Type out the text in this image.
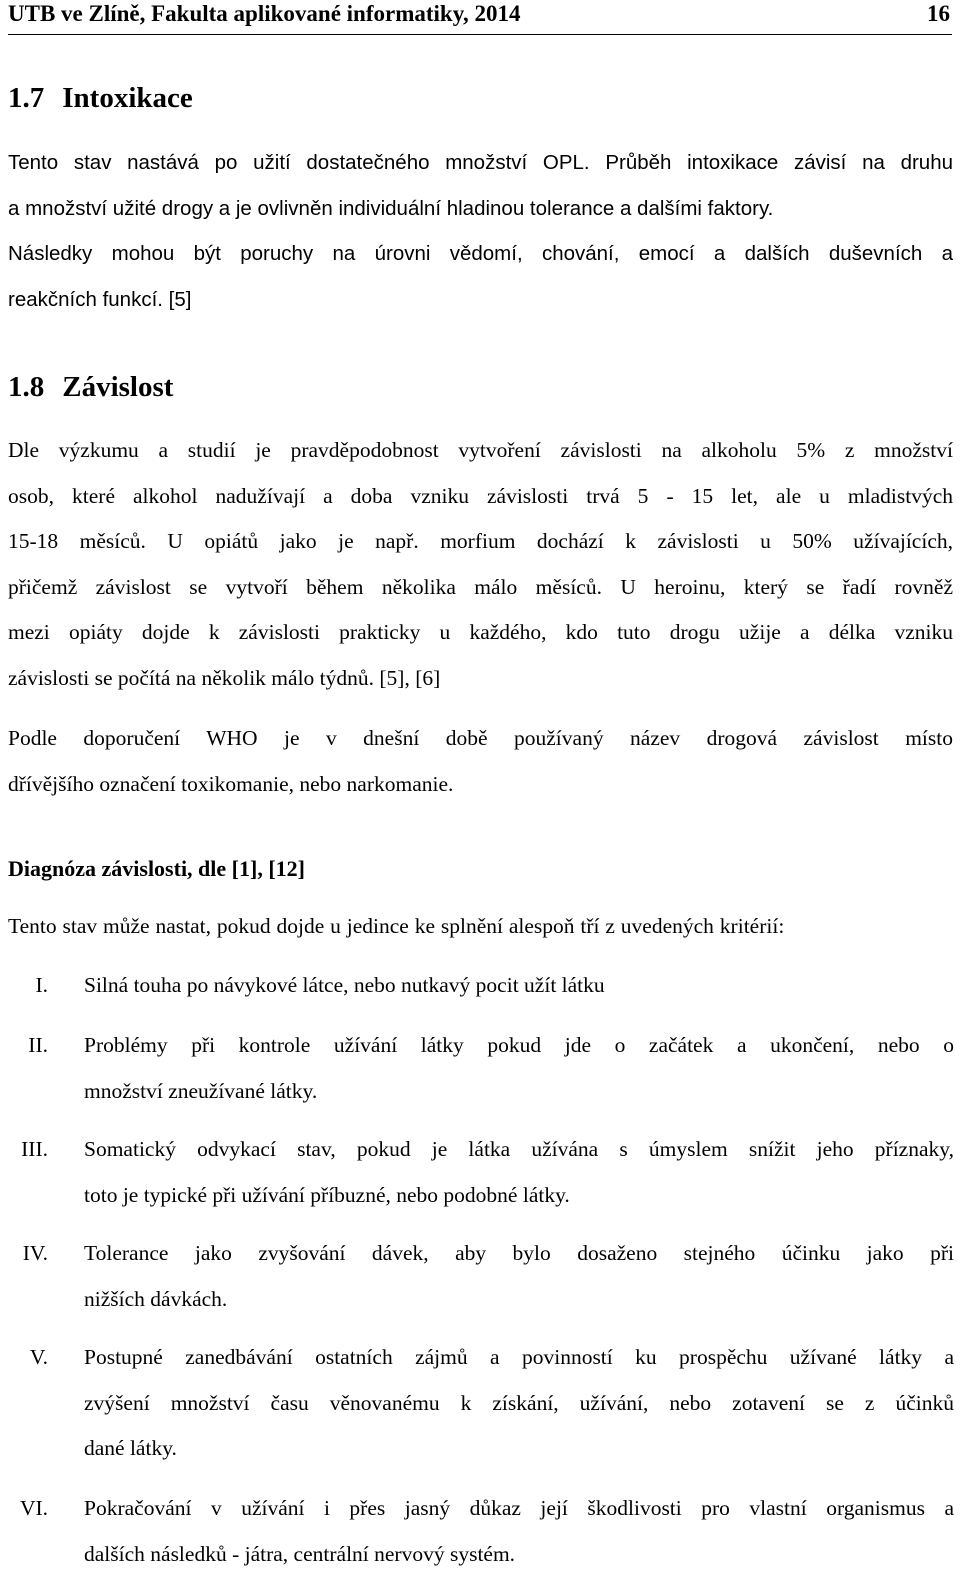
UTB ve Zlíně, Fakulta aplikované informatiky, 2014	16
1.7 Intoxikace
Tento stav nastává po užití dostatečného množství OPL. Průběh intoxikace závisí na druhu
a množství užité drogy a je ovlivněn individuální hladinou tolerance a dalšími faktory.
Následky mohou být poruchy na úrovni vědomí, chování, emocí a dalších duševních a
reakčních funkcí. [5]
1.8 Závislost
Dle výzkumu a studií je pravděpodobnost vytvoření závislosti na alkoholu 5% z množství
osob, které alkohol nadužívají a doba vzniku závislosti trvá 5 - 15 let, ale u mladistvých
15-18 měsíců. U opiátů jako je např. morfium dochází k závislosti u 50% užívajících,
přičemž závislost se vytvoří během několika málo měsíců. U heroinu, který se řadí rovněž
mezi opiáty dojde k závislosti prakticky u každého, kdo tuto drogu užije a délka vzniku
závislosti se počítá na několik málo týdnů. [5], [6]
Podle doporučení WHO je v dnešní době používaný název drogová závislost místo
dřívějšího označení toxikomanie, nebo narkomanie.
Diagnóza závislosti, dle [1], [12]
Tento stav může nastat, pokud dojde u jedince ke splnění alespoň tří z uvedených kritérií:
I. Silná touha po návykové látce, nebo nutkavý pocit užít látku
II. Problémy při kontrole užívání látky pokud jde o začátek a ukončení, nebo o
množství zneužívané látky.
III. Somatický odvykací stav, pokud je látka užívána s úmyslem snížit jeho příznaky,
toto je typické při užívání příbuzné, nebo podobné látky.
IV. Tolerance jako zvyšování dávek, aby bylo dosaženo stejného účinku jako při
nižších dávkách.
V. Postupné zanedbávání ostatních zájmů a povinností ku prospěchu užívané látky a
zvýšení množství času věnovanému k získání, užívání, nebo zotavení se z účinků
dané látky.
VI. Pokračování v užívání i přes jasný důkaz její škodlivosti pro vlastní organismus a
dalších následků - játra, centrální nervový systém.
